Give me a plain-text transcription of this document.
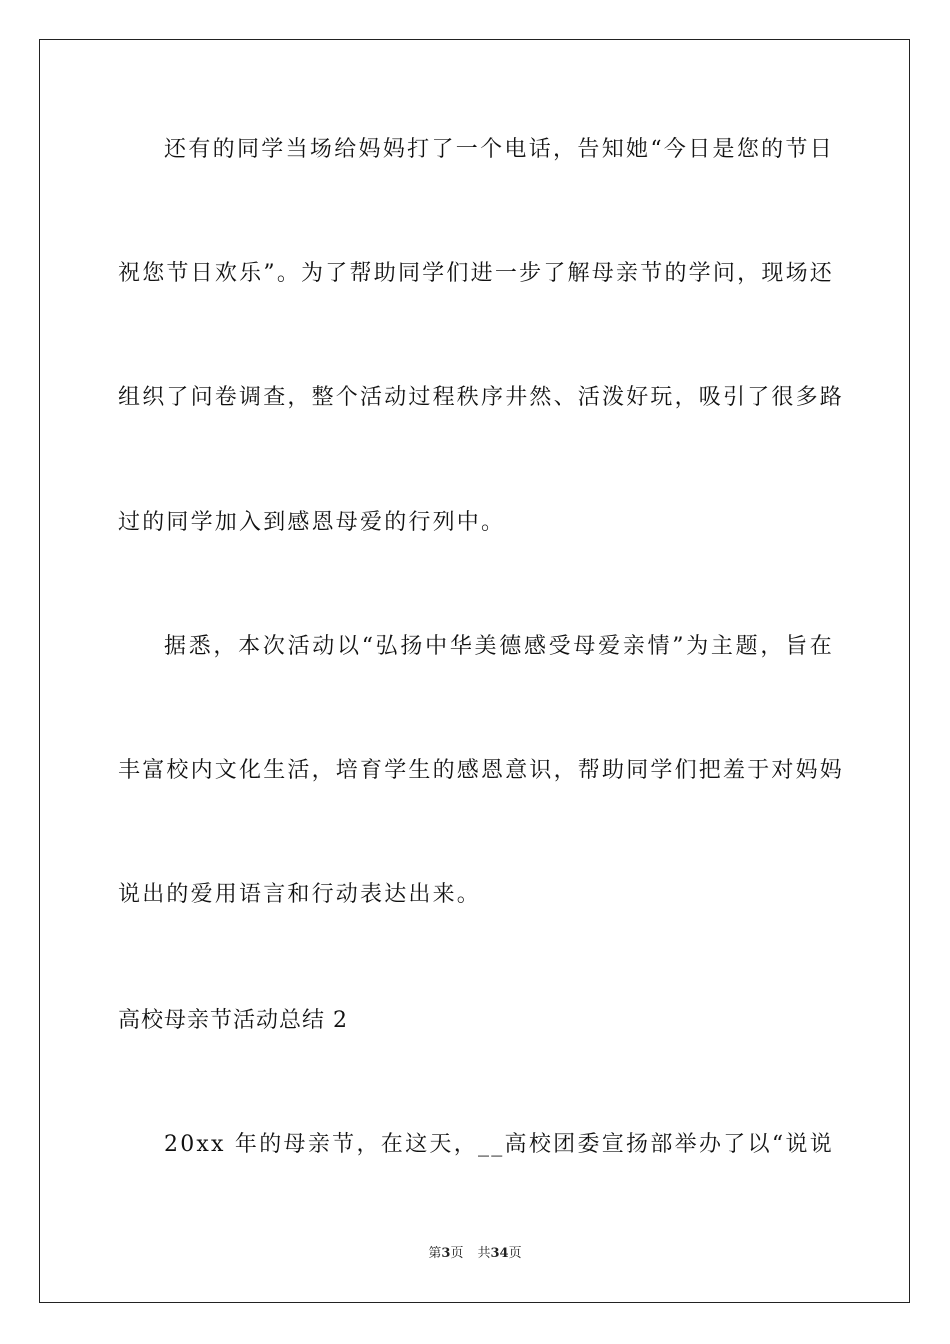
还有的同学当场给妈妈打了一个电话，告知她“今日是您的节日
祝您节日欢乐”。为了帮助同学们进一步了解母亲节的学问，现场还
组织了问卷调查，整个活动过程秩序井然、活泼好玩，吸引了很多路
过的同学加入到感恩母爱的行列中。
据悉，本次活动以“弘扬中华美德感受母爱亲情”为主题，旨在
丰富校内文化生活，培育学生的感恩意识，帮助同学们把羞于对妈妈
说出的爱用语言和行动表达出来。
高校母亲节活动总结 2
20xx 年的母亲节，在这天，__高校团委宣扬部举办了以“说说
第3页 共34页
